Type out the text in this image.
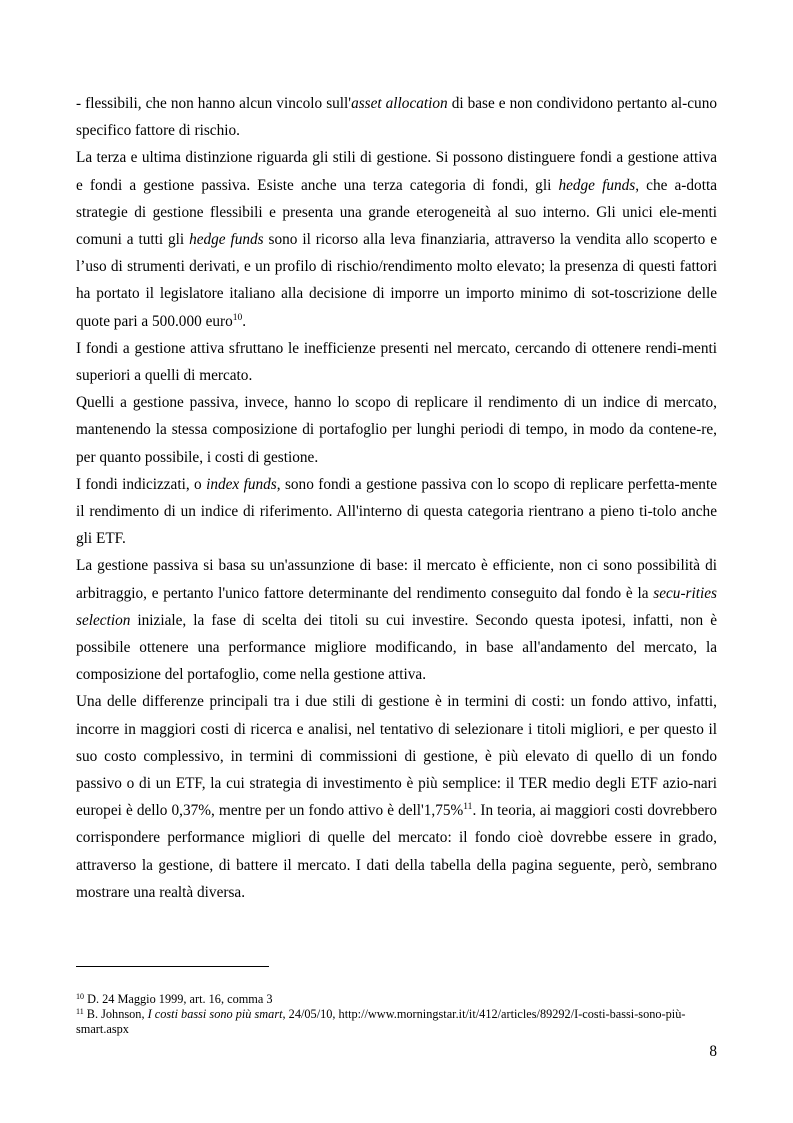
- flessibili, che non hanno alcun vincolo sull'asset allocation di base e non condividono pertanto al-cuno specifico fattore di rischio.

La terza e ultima distinzione riguarda gli stili di gestione. Si possono distinguere fondi a gestione attiva e fondi a gestione passiva. Esiste anche una terza categoria di fondi, gli hedge funds, che a-dotta strategie di gestione flessibili e presenta una grande eterogeneità al suo interno. Gli unici ele-menti comuni a tutti gli hedge funds sono il ricorso alla leva finanziaria, attraverso la vendita allo scoperto e l’uso di strumenti derivati, e un profilo di rischio/rendimento molto elevato; la presenza di questi fattori ha portato il legislatore italiano alla decisione di imporre un importo minimo di sot-toscrizione delle quote pari a 500.000 euro$^{10}$.

I fondi a gestione attiva sfruttano le inefficienze presenti nel mercato, cercando di ottenere rendi-menti superiori a quelli di mercato.

Quelli a gestione passiva, invece, hanno lo scopo di replicare il rendimento di un indice di mercato, mantenendo la stessa composizione di portafoglio per lunghi periodi di tempo, in modo da contene-re, per quanto possibile, i costi di gestione.

I fondi indicizzati, o index funds, sono fondi a gestione passiva con lo scopo di replicare perfetta-mente il rendimento di un indice di riferimento. All'interno di questa categoria rientrano a pieno ti-tolo anche gli ETF.

La gestione passiva si basa su un'assunzione di base: il mercato è efficiente, non ci sono possibilità di arbitraggio, e pertanto l'unico fattore determinante del rendimento conseguito dal fondo è la secu-rities selection iniziale, la fase di scelta dei titoli su cui investire. Secondo questa ipotesi, infatti, non è possibile ottenere una performance migliore modificando, in base all'andamento del mercato, la composizione del portafoglio, come nella gestione attiva.

Una delle differenze principali tra i due stili di gestione è in termini di costi: un fondo attivo, infatti, incorre in maggiori costi di ricerca e analisi, nel tentativo di selezionare i titoli migliori, e per questo il suo costo complessivo, in termini di commissioni di gestione, è più elevato di quello di un fondo passivo o di un ETF, la cui strategia di investimento è più semplice: il TER medio degli ETF azio-nari europei è dello 0,37%, mentre per un fondo attivo è dell'1,75%$^{11}$. In teoria, ai maggiori costi dovrebbero corrispondere performance migliori di quelle del mercato: il fondo cioè dovrebbe essere in grado, attraverso la gestione, di battere il mercato. I dati della tabella della pagina seguente, però, sembrano mostrare una realtà diversa.

$^{10}$ D. 24 Maggio 1999, art. 16, comma 3

$^{11}$ B. Johnson, I costi bassi sono più smart, 24/05/10, http://www.morningstar.it/it/412/articles/89292/I-costi-bassi-sono-più-smart.aspx

8
